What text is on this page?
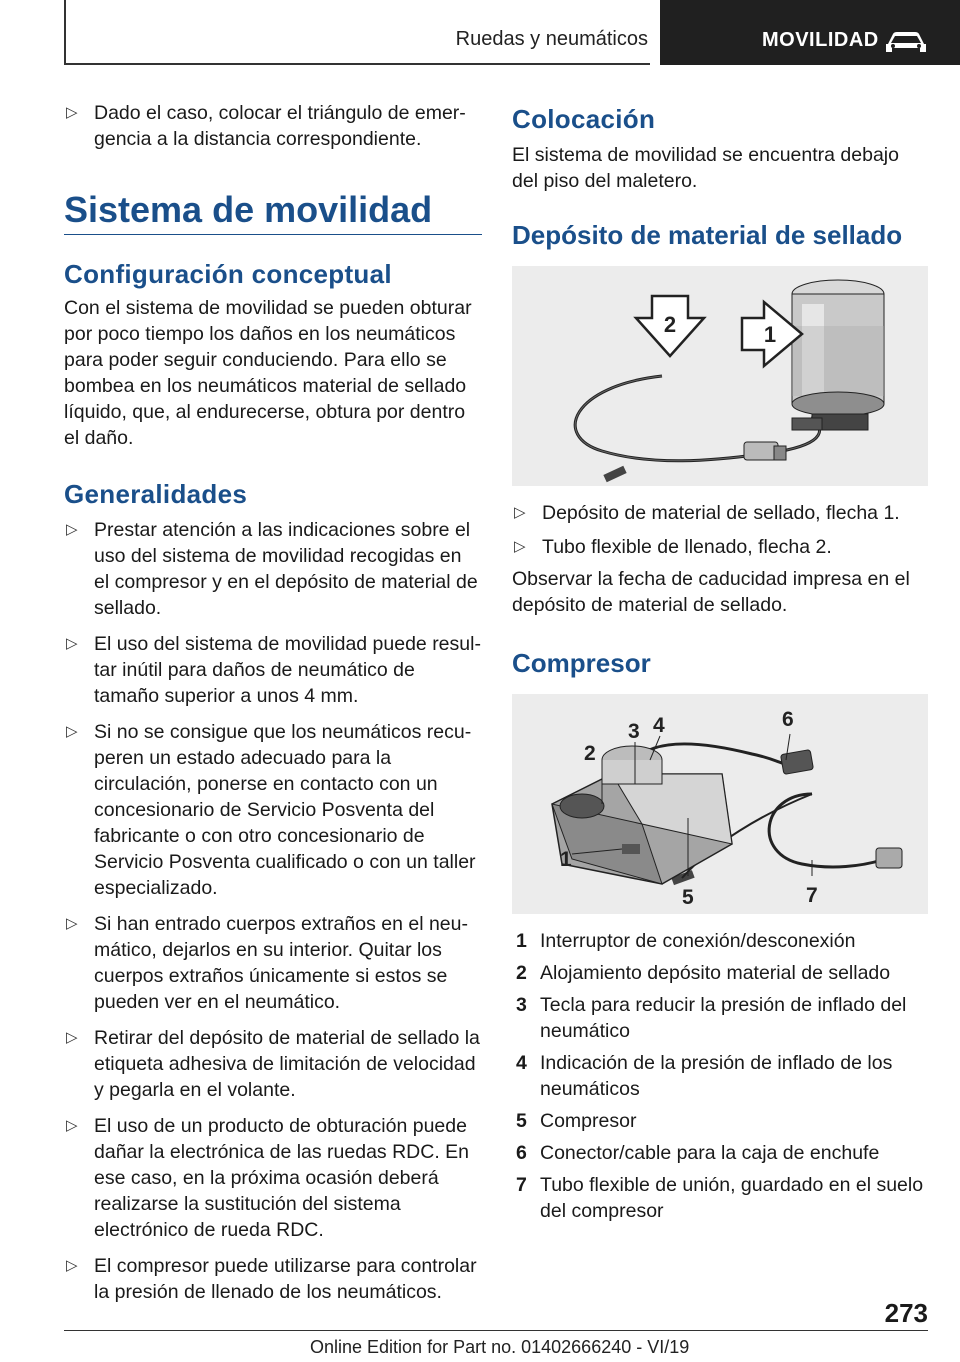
Ruedas y neumáticos	MOVILIDAD

▷ Dado el caso, colocar el triángulo de emergencia a la distancia correspondiente.

Sistema de movilidad
Configuración conceptual

Con el sistema de movilidad se pueden obturar por poco tiempo los daños en los neumáticos para poder seguir conduciendo. Para ello se bombea en los neumáticos material de sellado líquido, que, al endurecerse, obtura por dentro el daño.

Generalidades

▷ Prestar atención a las indicaciones sobre el uso del sistema de movilidad recogidas en el compresor y en el depósito de material de sellado.

▷ El uso del sistema de movilidad puede resultar inútil para daños de neumático de tamaño superior a unos 4 mm.

▷ Si no se consigue que los neumáticos recuperen un estado adecuado para la circulación, ponerse en contacto con un concesionario de Servicio Posventa del fabricante o con otro concesionario de Servicio Posventa cualificado o con un taller especializado.

▷ Si han entrado cuerpos extraños en el neumático, dejarlos en su interior. Quitar los cuerpos extraños únicamente si estos se pueden ver en el neumático.

▷ Retirar del depósito de material de sellado la etiqueta adhesiva de limitación de velocidad y pegarla en el volante.

▷ El uso de un producto de obturación puede dañar la electrónica de las ruedas RDC. En ese caso, en la próxima ocasión deberá realizarse la sustitución del sistema electrónico de rueda RDC.

▷ El compresor puede utilizarse para controlar la presión de llenado de los neumáticos.

Colocación

El sistema de movilidad se encuentra debajo del piso del maletero.

Depósito de material de sellado
2	1

▷ Depósito de material de sellado, flecha 1.

▷ Tubo flexible de llenado, flecha 2.

Observar la fecha de caducidad impresa en el depósito de material de sellado.

Compresor
1
2
3 4
5
6
7

1 Interruptor de conexión/desconexión

2 Alojamiento depósito material de sellado

3 Tecla para reducir la presión de inflado del neumático

4 Indicación de la presión de inflado de los neumáticos

5 Compresor

6 Conector/cable para la caja de enchufe

7 Tubo flexible de unión, guardado en el suelo del compresor

273
Online Edition for Part no. 01402666240 - VI/19
